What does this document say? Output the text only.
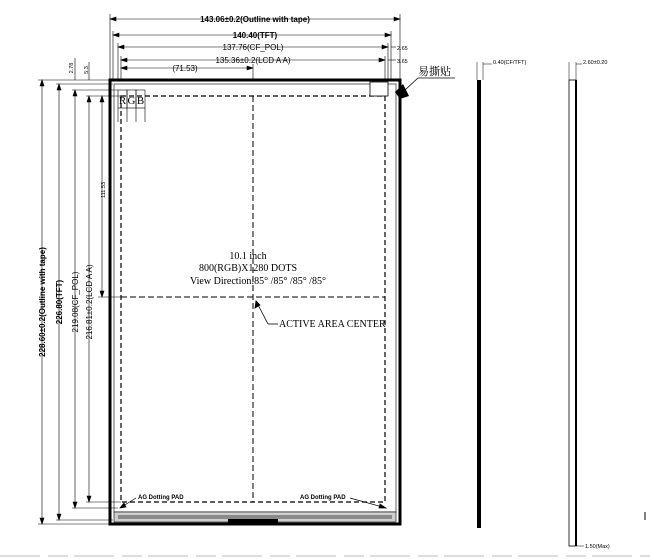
143.06±0.2(Outline with tape)
140.40(TFT)
137.76(CF_POL)
135.36±0.2(LCD A A)
(71.53)
2.65
3.65
228.60±0.2(Outline with tape) 226.80(TFT) 219.08(CF_POL) 216.81±0.2(LCD A A)
111.53
2.78 5.3
R G B
易撕贴
10.1 inch
800(RGB)X1280 DOTS
View Direction:85° /85° /85° /85°
ACTIVE AREA CENTER
AG Dotting PAD	AG Dotting PAD
0.40(CF/TFT)	2.60±0.20
1.50(Max)
